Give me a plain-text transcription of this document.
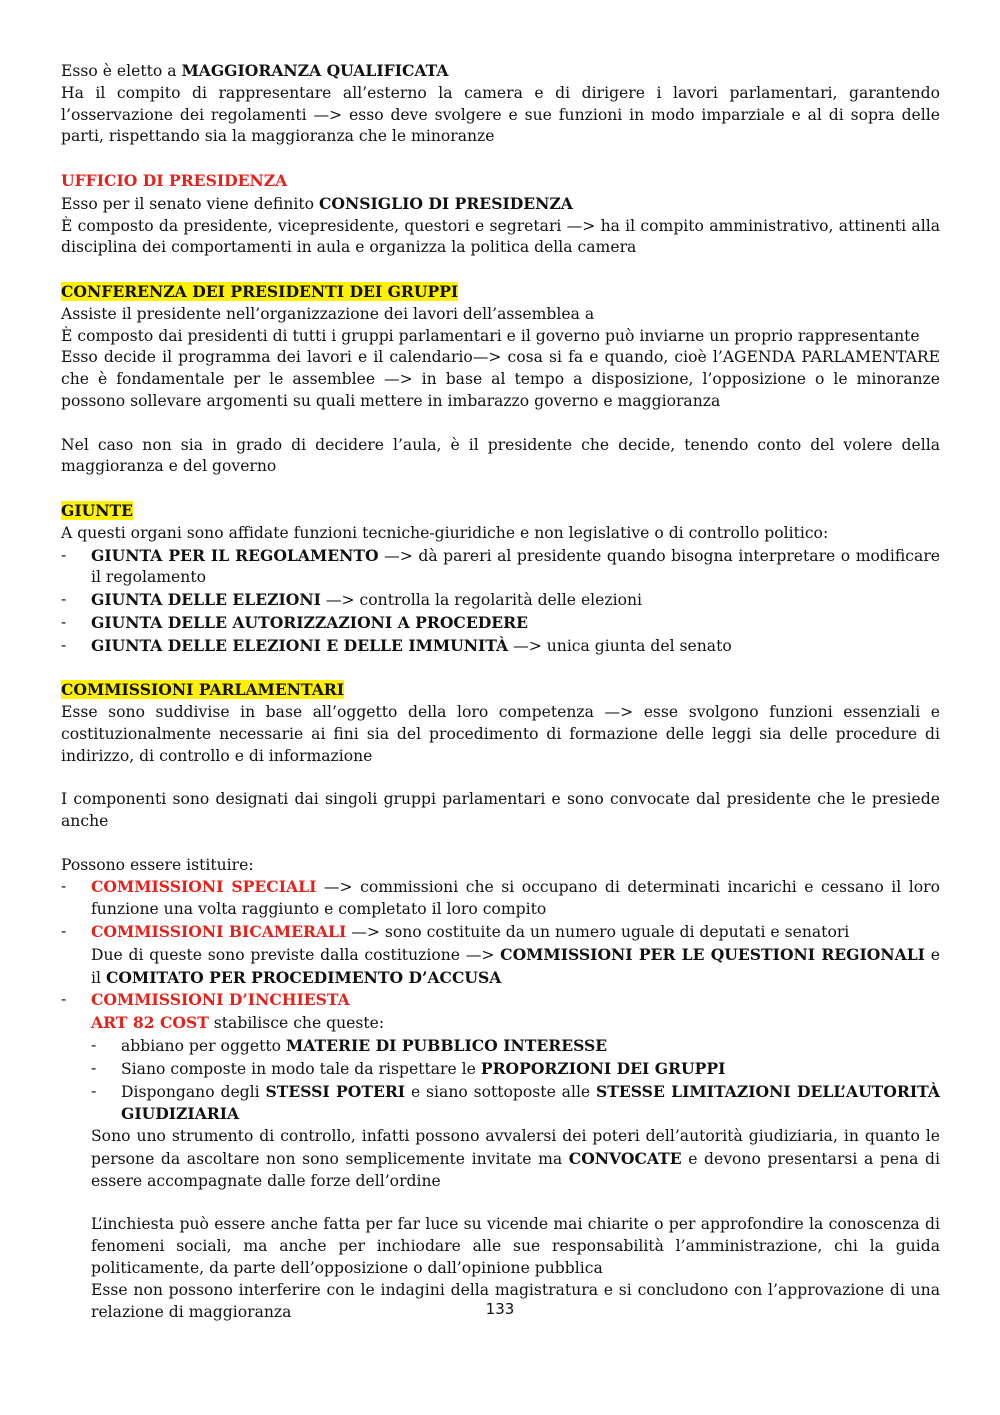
Esso è eletto a MAGGIORANZA QUALIFICATA

Ha il compito di rappresentare all’esterno la camera e di dirigere i lavori parlamentari, garantendo l’osservazione dei regolamenti —> esso deve svolgere e sue funzioni in modo imparziale e al di sopra delle parti, rispettando sia la maggioranza che le minoranze

UFFICIO DI PRESIDENZA

Esso per il senato viene definito CONSIGLIO DI PRESIDENZA

È composto da presidente, vicepresidente, questori e segretari —> ha il compito amministrativo, attinenti alla disciplina dei comportamenti in aula e organizza la politica della camera

CONFERENZA DEI PRESIDENTI DEI GRUPPI

Assiste il presidente nell’organizzazione dei lavori dell’assemblea a

È composto dai presidenti di tutti i gruppi parlamentari e il governo può inviarne un proprio rappresentante

Esso decide il programma dei lavori e il calendario—> cosa si fa e quando, cioè l’AGENDA PARLAMENTARE che è fondamentale per le assemblee —> in base al tempo a disposizione, l’opposizione o le minoranze possono sollevare argomenti su quali mettere in imbarazzo governo e maggioranza

Nel caso non sia in grado di decidere l’aula, è il presidente che decide, tenendo conto del volere della maggioranza e del governo

GIUNTE

A questi organi sono affidate funzioni tecniche-giuridiche e non legislative o di controllo politico:

- GIUNTA PER IL REGOLAMENTO —> dà pareri al presidente quando bisogna interpretare o modificare il regolamento

- GIUNTA DELLE ELEZIONI —> controlla la regolarità delle elezioni

- GIUNTA DELLE AUTORIZZAZIONI A PROCEDERE

- GIUNTA DELLE ELEZIONI E DELLE IMMUNITÀ —> unica giunta del senato

COMMISSIONI PARLAMENTARI

Esse sono suddivise in base all’oggetto della loro competenza —> esse svolgono funzioni essenziali e costituzionalmente necessarie ai fini sia del procedimento di formazione delle leggi sia delle procedure di indirizzo, di controllo e di informazione

I componenti sono designati dai singoli gruppi parlamentari e sono convocate dal presidente che le presiede anche

Possono essere istituire:

- COMMISSIONI SPECIALI —> commissioni che si occupano di determinati incarichi e cessano il loro funzione una volta raggiunto e completato il loro compito

- COMMISSIONI BICAMERALI —> sono costituite da un numero uguale di deputati e senatori

Due di queste sono previste dalla costituzione —> COMMISSIONI PER LE QUESTIONI REGIONALI e il COMITATO PER PROCEDIMENTO D’ACCUSA

- COMMISSIONI D’INCHIESTA

ART 82 COST stabilisce che queste:

- abbiano per oggetto MATERIE DI PUBBLICO INTERESSE

- Siano composte in modo tale da rispettare le PROPORZIONI DEI GRUPPI

- Dispongano degli STESSI POTERI e siano sottoposte alle STESSE LIMITAZIONI DELL’AUTORITÀ GIUDIZIARIA

Sono uno strumento di controllo, infatti possono avvalersi dei poteri dell’autorità giudiziaria, in quanto le persone da ascoltare non sono semplicemente invitate ma CONVOCATE e devono presentarsi a pena di essere accompagnate dalle forze dell’ordine

L’inchiesta può essere anche fatta per far luce su vicende mai chiarite o per approfondire la conoscenza di fenomeni sociali, ma anche per inchiodare alle sue responsabilità l’amministrazione, chi la guida politicamente, da parte dell’opposizione o dall’opinione pubblica

Esse non possono interferire con le indagini della magistratura e si concludono con l’approvazione di una relazione di maggioranza	133
